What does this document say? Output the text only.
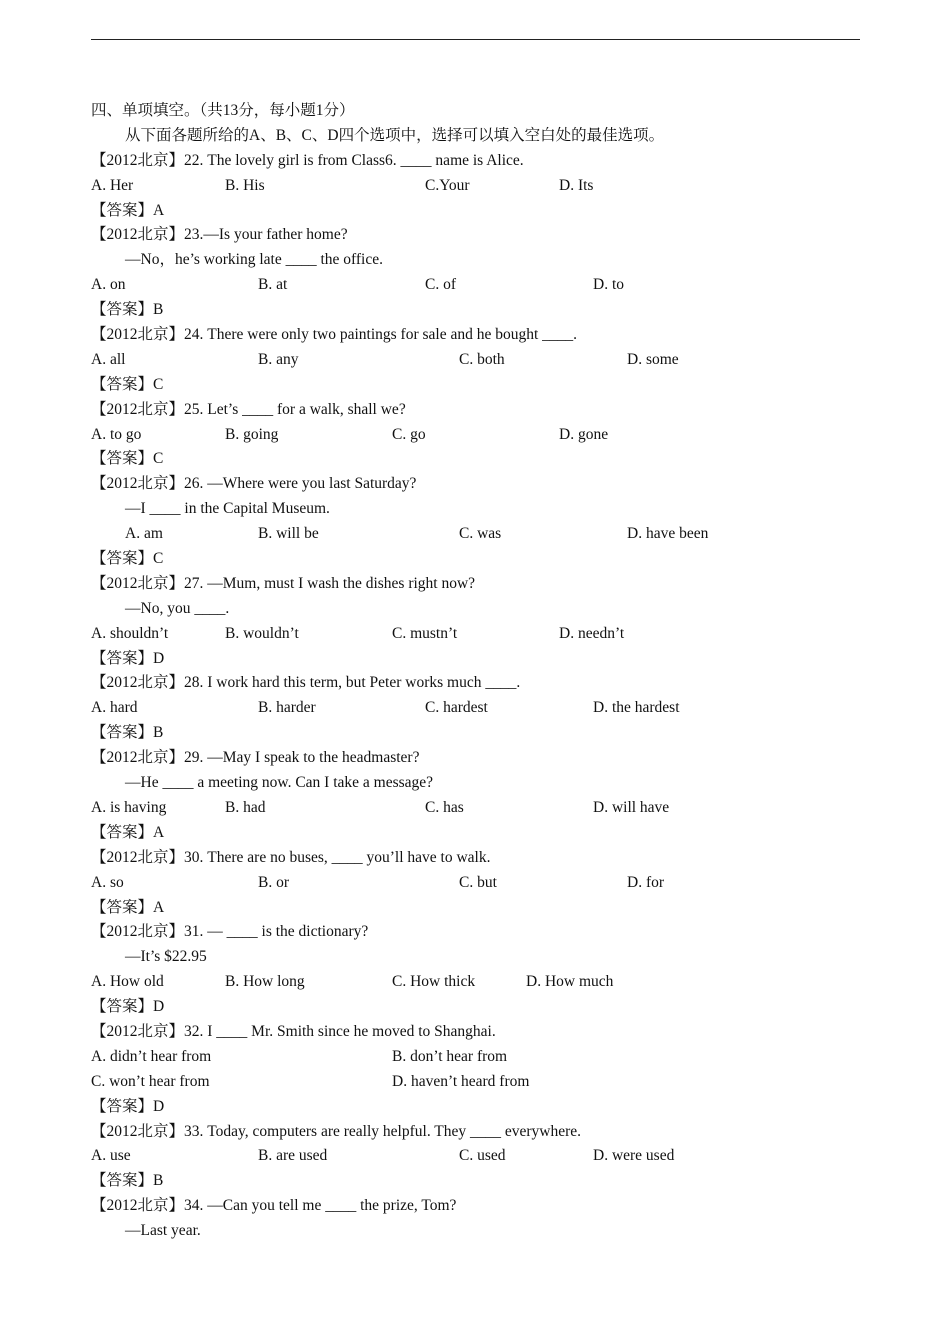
四、单项填空。（共13分，每小题1分）
从下面各题所给的A、B、C、D四个选项中，选择可以填入空白处的最佳选项。
【2012北京】22. The lovely girl is from Class6. ____ name is Alice.
A. Her	B. His	C.Your	D. Its
【答案】A
【2012北京】23.—Is your father home?
—No，he’s working late ____ the office.
A. on	B. at	C. of	D. to
【答案】B
【2012北京】24. There were only two paintings for sale and he bought ____.
A. all	B. any	C. both	D. some
【答案】C
【2012北京】25. Let’s ____ for a walk, shall we?
A. to go	B. going	C. go	D. gone
【答案】C
【2012北京】26. —Where were you last Saturday?
—I ____ in the Capital Museum.
A. am	B. will be	C. was	D. have been
【答案】C
【2012北京】27. —Mum, must I wash the dishes right now?
—No, you ____.
A. shouldn’t	B. wouldn’t	C. mustn’t	D. needn’t
【答案】D
【2012北京】28. I work hard this term, but Peter works much ____.
A. hard	B. harder	C. hardest	D. the hardest
【答案】B
【2012北京】29. —May I speak to the headmaster?
—He ____ a meeting now. Can I take a message?
A. is having	B. had	C. has	D. will have
【答案】A
【2012北京】30. There are no buses, ____ you’ll have to walk.
A. so	B. or	C. but	D. for
【答案】A
【2012北京】31. — ____ is the dictionary?
—It’s $22.95
A. How old	B. How long	C. How thick	D. How much
【答案】D
【2012北京】32. I ____ Mr. Smith since he moved to Shanghai.
A. didn’t hear from	B. don’t hear from
C. won’t hear from	D. haven’t heard from
【答案】D
【2012北京】33. Today, computers are really helpful. They ____ everywhere.
A. use	B. are used	C. used	D. were used
【答案】B
【2012北京】34. —Can you tell me ____ the prize, Tom?
—Last year.
